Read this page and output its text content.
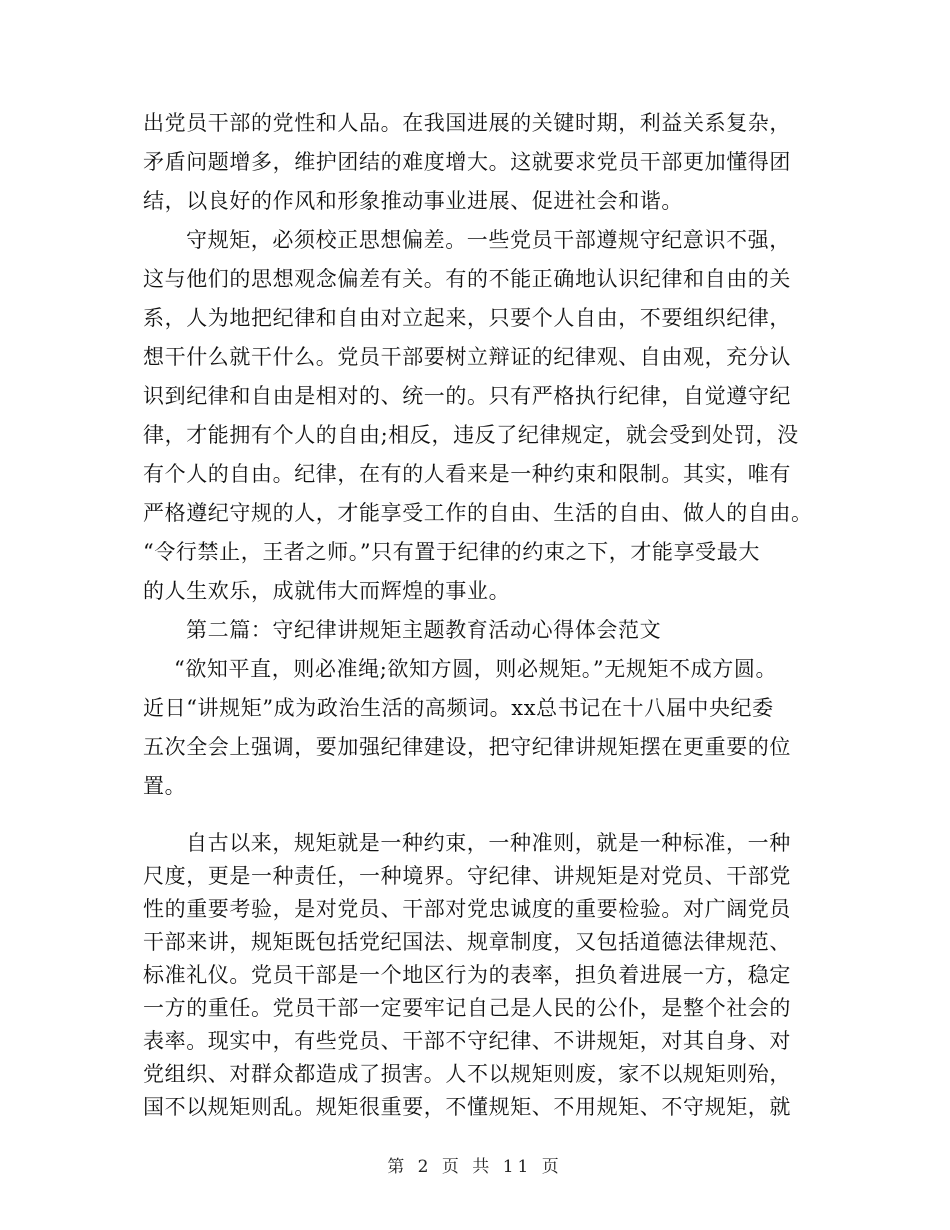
出党员干部的党性和人品。在我国进展的关键时期，利益关系复杂，
矛盾问题增多，维护团结的难度增大。这就要求党员干部更加懂得团
结，以良好的作风和形象推动事业进展、促进社会和谐。
守规矩，必须校正思想偏差。一些党员干部遵规守纪意识不强，
这与他们的思想观念偏差有关。有的不能正确地认识纪律和自由的关
系，人为地把纪律和自由对立起来，只要个人自由，不要组织纪律，
想干什么就干什么。党员干部要树立辩证的纪律观、自由观，充分认
识到纪律和自由是相对的、统一的。只有严格执行纪律，自觉遵守纪
律，才能拥有个人的自由;相反，违反了纪律规定，就会受到处罚，没
有个人的自由。纪律，在有的人看来是一种约束和限制。其实，唯有
严格遵纪守规的人，才能享受工作的自由、生活的自由、做人的自由。
“令行禁止，王者之师。”只有置于纪律的约束之下，才能享受最大
的人生欢乐，成就伟大而辉煌的事业。
第二篇：守纪律讲规矩主题教育活动心得体会范文
“欲知平直，则必准绳;欲知方圆，则必规矩。”无规矩不成方圆。
近日“讲规矩”成为政治生活的高频词。xx总书记在十八届中央纪委
五次全会上强调，要加强纪律建设，把守纪律讲规矩摆在更重要的位
置。
自古以来，规矩就是一种约束，一种准则，就是一种标准，一种
尺度，更是一种责任，一种境界。守纪律、讲规矩是对党员、干部党
性的重要考验，是对党员、干部对党忠诚度的重要检验。对广阔党员
干部来讲，规矩既包括党纪国法、规章制度，又包括道德法律规范、
标准礼仪。党员干部是一个地区行为的表率，担负着进展一方，稳定
一方的重任。党员干部一定要牢记自己是人民的公仆，是整个社会的
表率。现实中，有些党员、干部不守纪律、不讲规矩，对其自身、对
党组织、对群众都造成了损害。人不以规矩则废，家不以规矩则殆，
第 2 页 共 11 页
国不以规矩则乱。规矩很重要，不懂规矩、不用规矩、不守规矩，就
